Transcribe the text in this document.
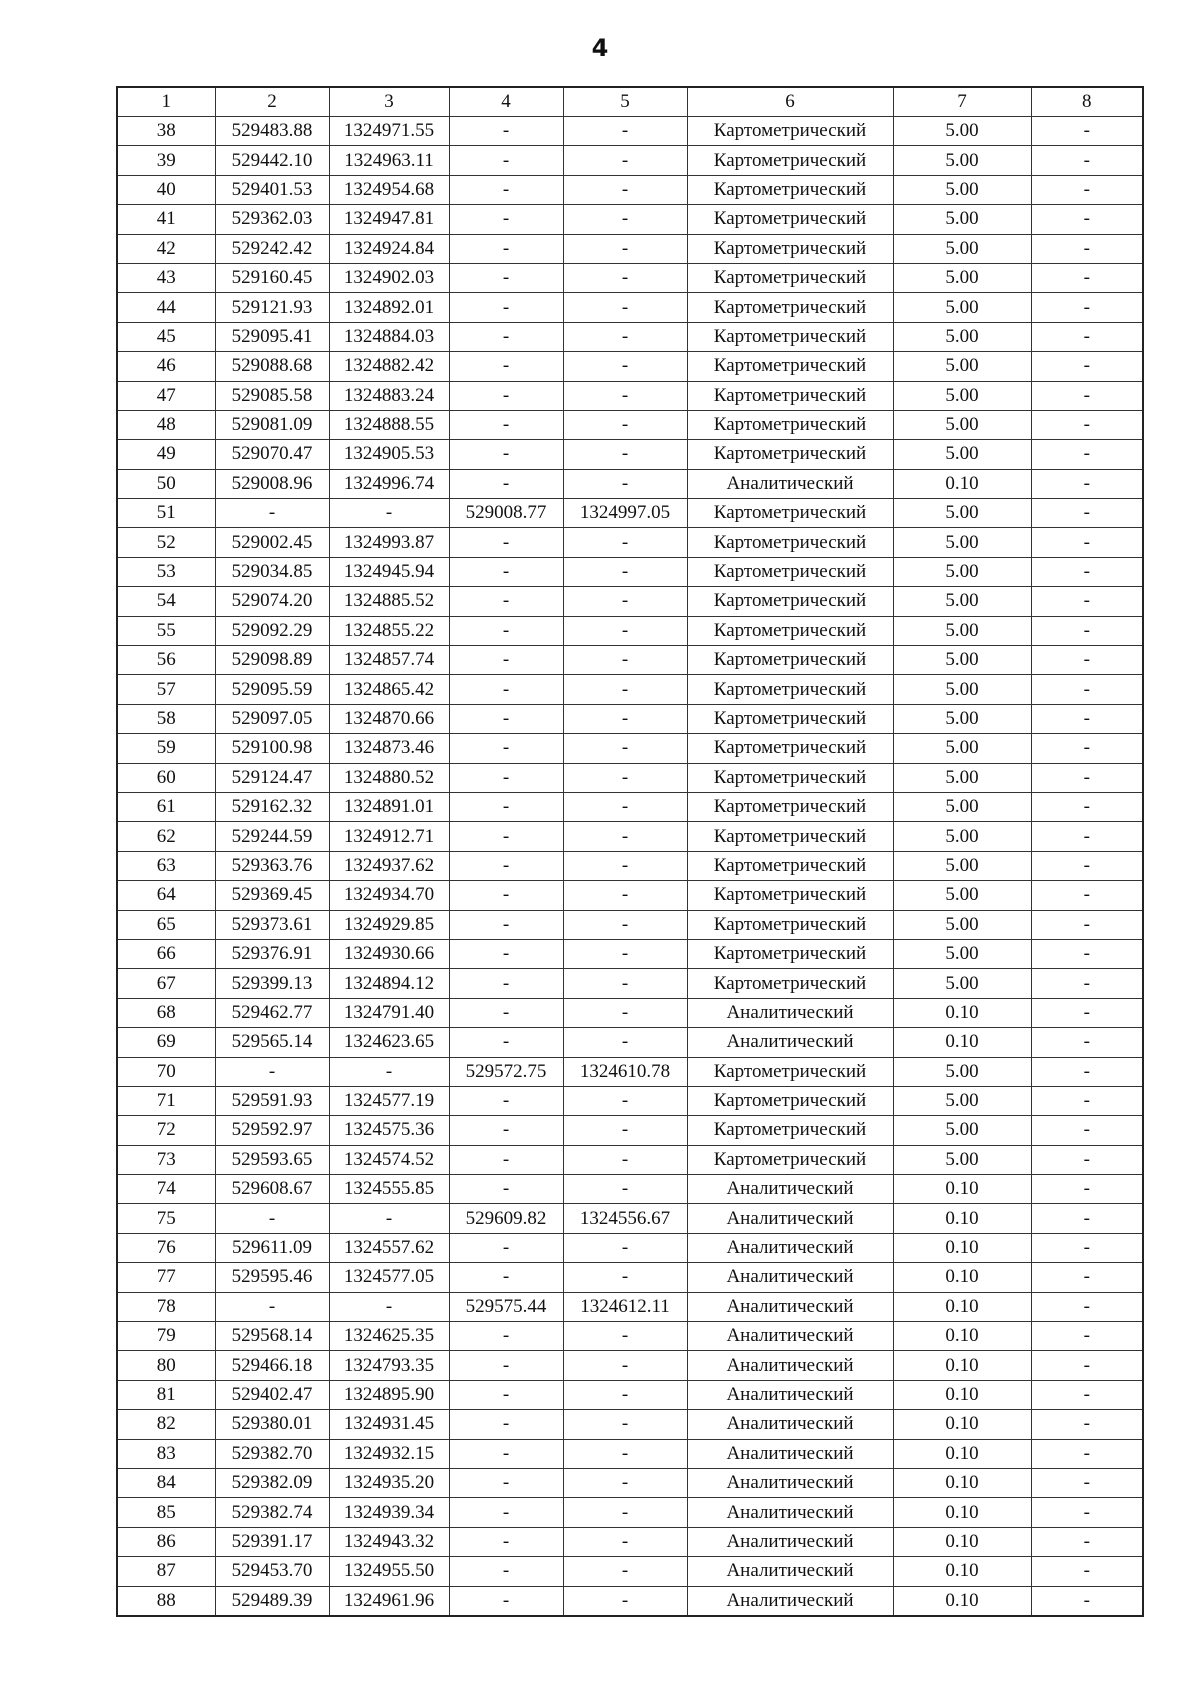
4
1	2	3	4	5	6	7	8
38	529483.88	1324971.55	-	-	Картометрический	5.00	-
39	529442.10	1324963.11	-	-	Картометрический	5.00	-
40	529401.53	1324954.68	-	-	Картометрический	5.00	-
41	529362.03	1324947.81	-	-	Картометрический	5.00	-
42	529242.42	1324924.84	-	-	Картометрический	5.00	-
43	529160.45	1324902.03	-	-	Картометрический	5.00	-
44	529121.93	1324892.01	-	-	Картометрический	5.00	-
45	529095.41	1324884.03	-	-	Картометрический	5.00	-
46	529088.68	1324882.42	-	-	Картометрический	5.00	-
47	529085.58	1324883.24	-	-	Картометрический	5.00	-
48	529081.09	1324888.55	-	-	Картометрический	5.00	-
49	529070.47	1324905.53	-	-	Картометрический	5.00	-
50	529008.96	1324996.74	-	-	Аналитический	0.10	-
51	-	-	529008.77	1324997.05	Картометрический	5.00	-
52	529002.45	1324993.87	-	-	Картометрический	5.00	-
53	529034.85	1324945.94	-	-	Картометрический	5.00	-
54	529074.20	1324885.52	-	-	Картометрический	5.00	-
55	529092.29	1324855.22	-	-	Картометрический	5.00	-
56	529098.89	1324857.74	-	-	Картометрический	5.00	-
57	529095.59	1324865.42	-	-	Картометрический	5.00	-
58	529097.05	1324870.66	-	-	Картометрический	5.00	-
59	529100.98	1324873.46	-	-	Картометрический	5.00	-
60	529124.47	1324880.52	-	-	Картометрический	5.00	-
61	529162.32	1324891.01	-	-	Картометрический	5.00	-
62	529244.59	1324912.71	-	-	Картометрический	5.00	-
63	529363.76	1324937.62	-	-	Картометрический	5.00	-
64	529369.45	1324934.70	-	-	Картометрический	5.00	-
65	529373.61	1324929.85	-	-	Картометрический	5.00	-
66	529376.91	1324930.66	-	-	Картометрический	5.00	-
67	529399.13	1324894.12	-	-	Картометрический	5.00	-
68	529462.77	1324791.40	-	-	Аналитический	0.10	-
69	529565.14	1324623.65	-	-	Аналитический	0.10	-
70	-	-	529572.75	1324610.78	Картометрический	5.00	-
71	529591.93	1324577.19	-	-	Картометрический	5.00	-
72	529592.97	1324575.36	-	-	Картометрический	5.00	-
73	529593.65	1324574.52	-	-	Картометрический	5.00	-
74	529608.67	1324555.85	-	-	Аналитический	0.10	-
75	-	-	529609.82	1324556.67	Аналитический	0.10	-
76	529611.09	1324557.62	-	-	Аналитический	0.10	-
77	529595.46	1324577.05	-	-	Аналитический	0.10	-
78	-	-	529575.44	1324612.11	Аналитический	0.10	-
79	529568.14	1324625.35	-	-	Аналитический	0.10	-
80	529466.18	1324793.35	-	-	Аналитический	0.10	-
81	529402.47	1324895.90	-	-	Аналитический	0.10	-
82	529380.01	1324931.45	-	-	Аналитический	0.10	-
83	529382.70	1324932.15	-	-	Аналитический	0.10	-
84	529382.09	1324935.20	-	-	Аналитический	0.10	-
85	529382.74	1324939.34	-	-	Аналитический	0.10	-
86	529391.17	1324943.32	-	-	Аналитический	0.10	-
87	529453.70	1324955.50	-	-	Аналитический	0.10	-
88	529489.39	1324961.96	-	-	Аналитический	0.10	-
